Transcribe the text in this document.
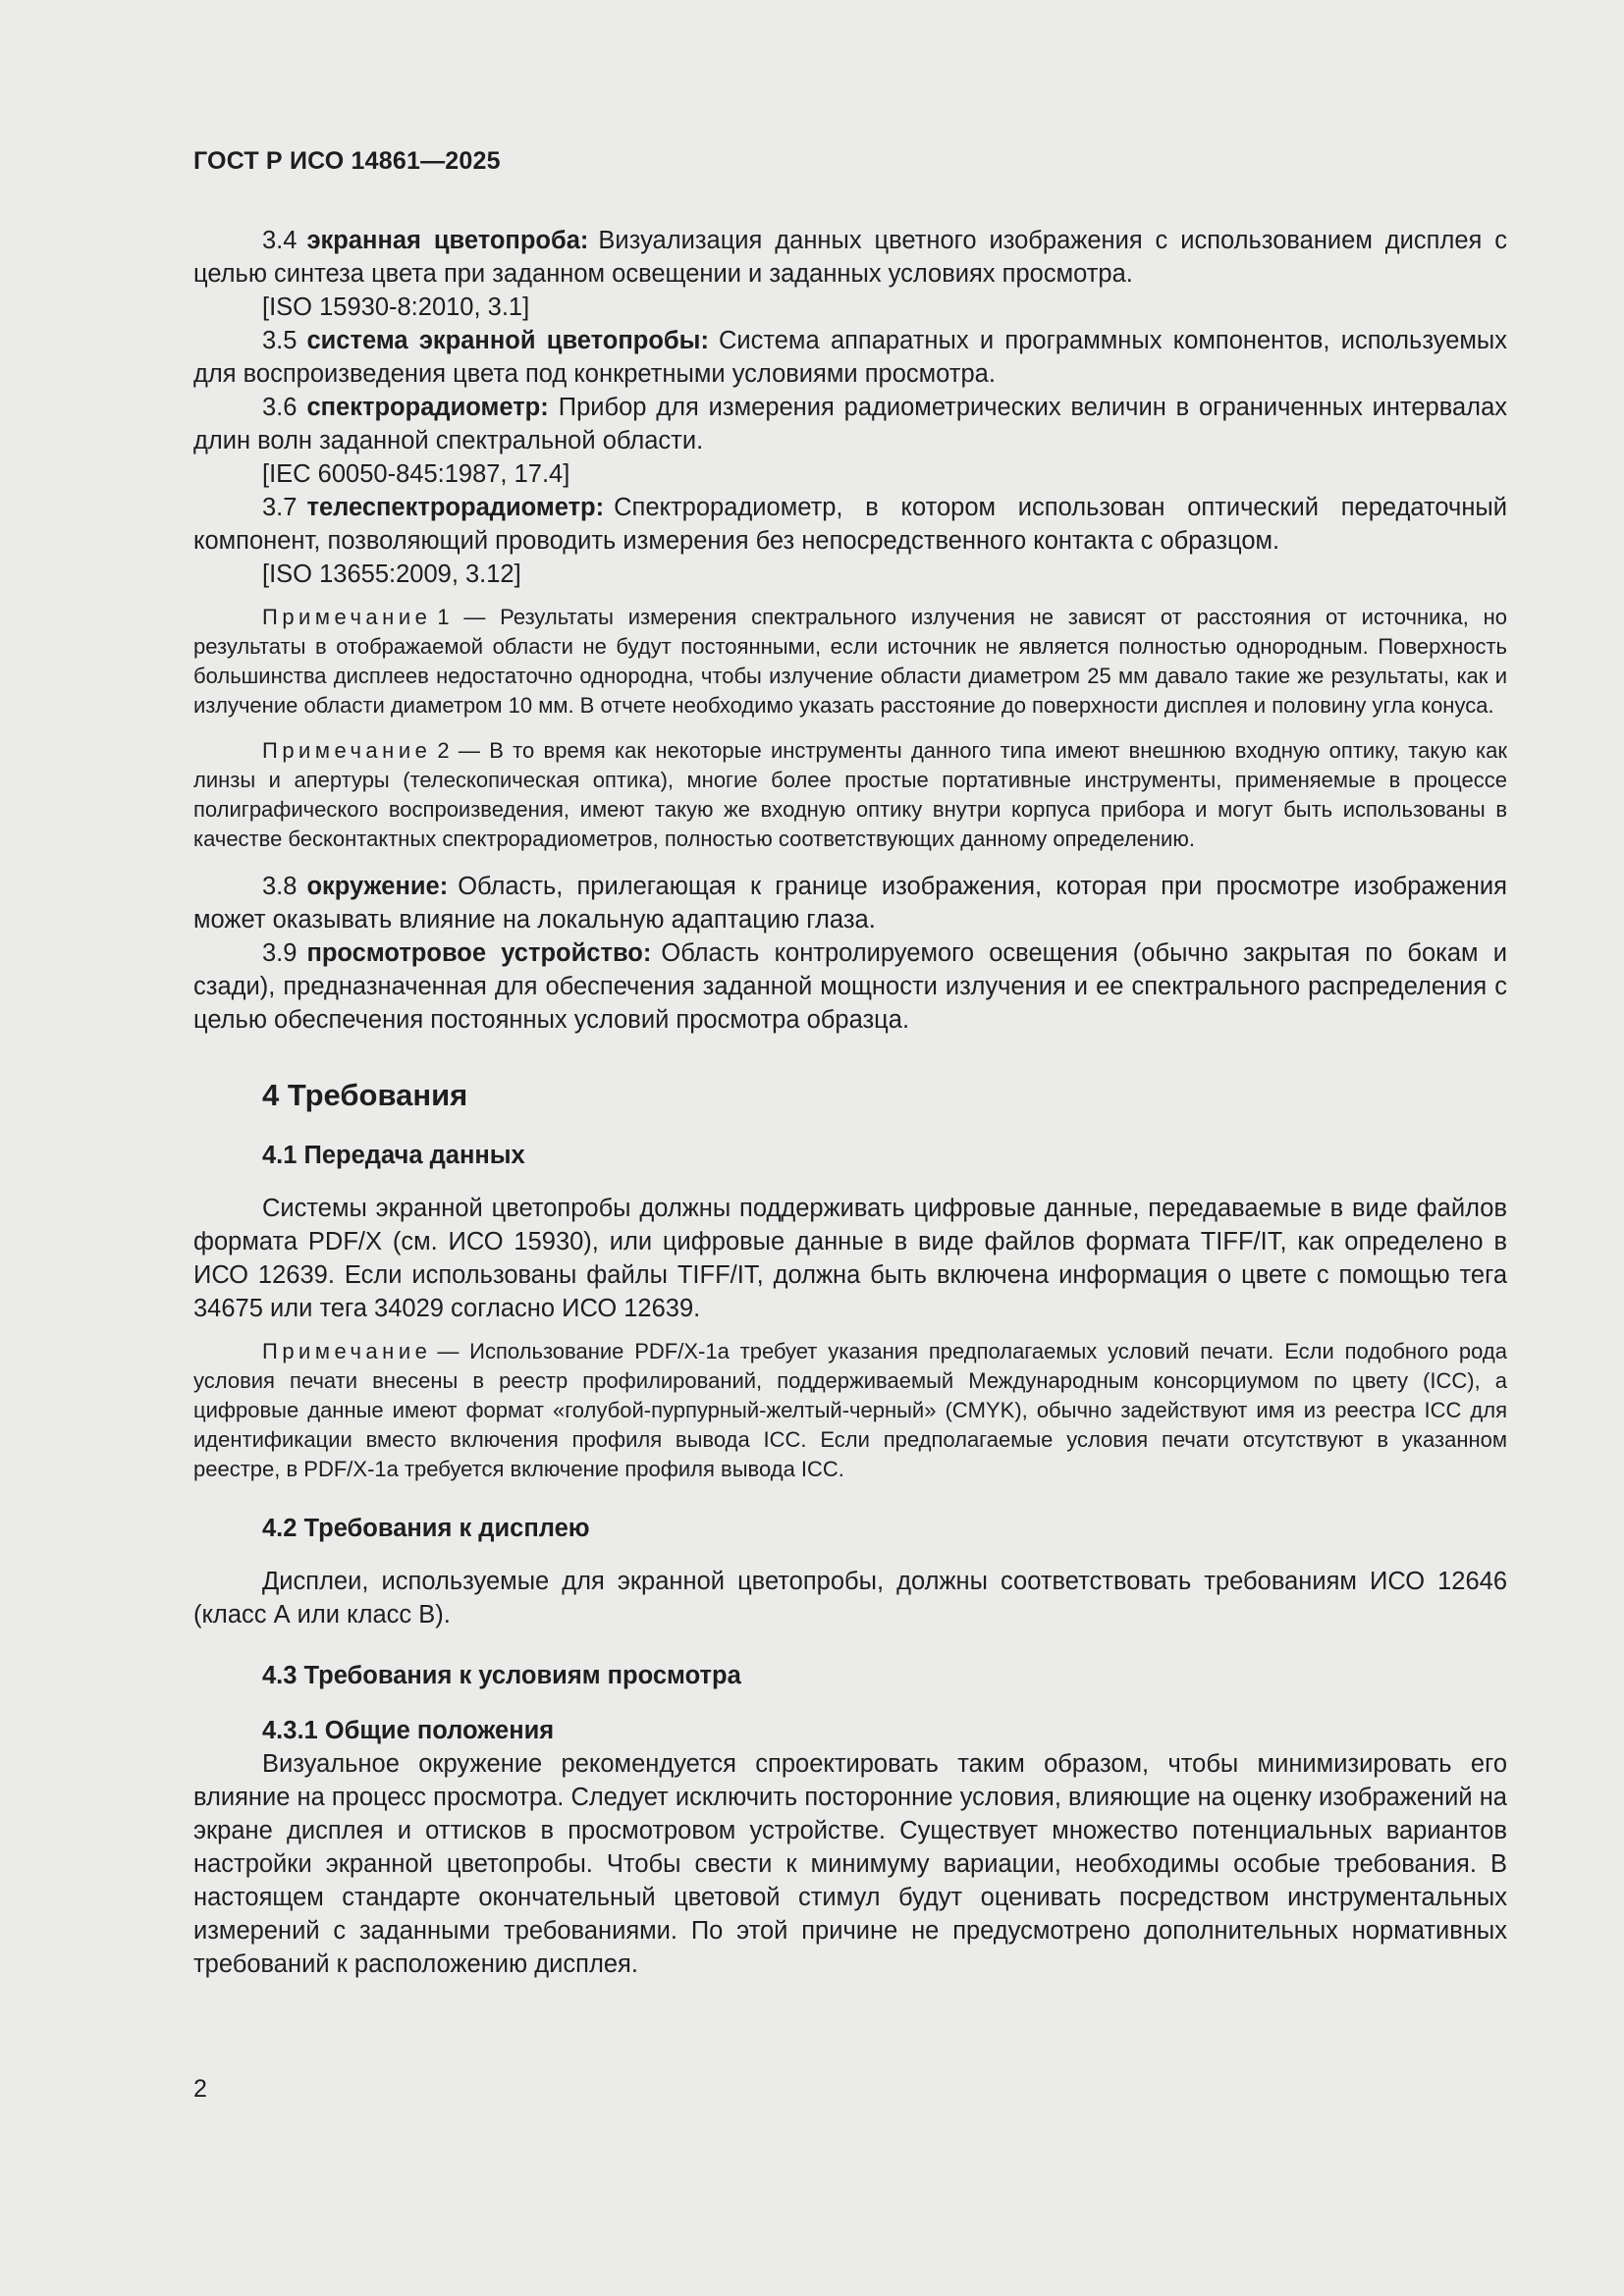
ГОСТ Р ИСО 14861—2025

3.4 экранная цветопроба: Визуализация данных цветного изображения с использованием дисплея с целью синтеза цвета при заданном освещении и заданных условиях просмотра.

[ISO 15930-8:2010, 3.1]

3.5 система экранной цветопробы: Система аппаратных и программных компонентов, используемых для воспроизведения цвета под конкретными условиями просмотра.

3.6 спектрорадиометр: Прибор для измерения радиометрических величин в ограниченных интервалах длин волн заданной спектральной области.

[IEC 60050-845:1987, 17.4]

3.7 телеспектрорадиометр: Спектрорадиометр, в котором использован оптический передаточный компонент, позволяющий проводить измерения без непосредственного контакта с образцом.

[ISO 13655:2009, 3.12]

Примечание 1 — Результаты измерения спектрального излучения не зависят от расстояния от источника, но результаты в отображаемой области не будут постоянными, если источник не является полностью однородным. Поверхность большинства дисплеев недостаточно однородна, чтобы излучение области диаметром 25 мм давало такие же результаты, как и излучение области диаметром 10 мм. В отчете необходимо указать расстояние до поверхности дисплея и половину угла конуса.

Примечание 2 — В то время как некоторые инструменты данного типа имеют внешнюю входную оптику, такую как линзы и апертуры (телескопическая оптика), многие более простые портативные инструменты, применяемые в процессе полиграфического воспроизведения, имеют такую же входную оптику внутри корпуса прибора и могут быть использованы в качестве бесконтактных спектрорадиометров, полностью соответствующих данному определению.

3.8 окружение: Область, прилегающая к границе изображения, которая при просмотре изображения может оказывать влияние на локальную адаптацию глаза.

3.9 просмотровое устройство: Область контролируемого освещения (обычно закрытая по бокам и сзади), предназначенная для обеспечения заданной мощности излучения и ее спектрального распределения с целью обеспечения постоянных условий просмотра образца.

4 Требования
4.1 Передача данных

Системы экранной цветопробы должны поддерживать цифровые данные, передаваемые в виде файлов формата PDF/X (см. ИСО 15930), или цифровые данные в виде файлов формата TIFF/IT, как определено в ИСО 12639. Если использованы файлы TIFF/IT, должна быть включена информация о цвете с помощью тега 34675 или тега 34029 согласно ИСО 12639.

Примечание — Использование PDF/X-1a требует указания предполагаемых условий печати. Если подобного рода условия печати внесены в реестр профилирований, поддерживаемый Международным консорциумом по цвету (ICC), а цифровые данные имеют формат «голубой-пурпурный-желтый-черный» (CMYK), обычно задействуют имя из реестра ICC для идентификации вместо включения профиля вывода ICC. Если предполагаемые условия печати отсутствуют в указанном реестре, в PDF/X-1a требуется включение профиля вывода ICC.

4.2 Требования к дисплею

Дисплеи, используемые для экранной цветопробы, должны соответствовать требованиям ИСО 12646 (класс А или класс В).

4.3 Требования к условиям просмотра
4.3.1 Общие положения

Визуальное окружение рекомендуется спроектировать таким образом, чтобы минимизировать его влияние на процесс просмотра. Следует исключить посторонние условия, влияющие на оценку изображений на экране дисплея и оттисков в просмотровом устройстве. Существует множество потенциальных вариантов настройки экранной цветопробы. Чтобы свести к минимуму вариации, необходимы особые требования. В настоящем стандарте окончательный цветовой стимул будут оценивать посредством инструментальных измерений с заданными требованиями. По этой причине не предусмотрено дополнительных нормативных требований к расположению дисплея.

2
